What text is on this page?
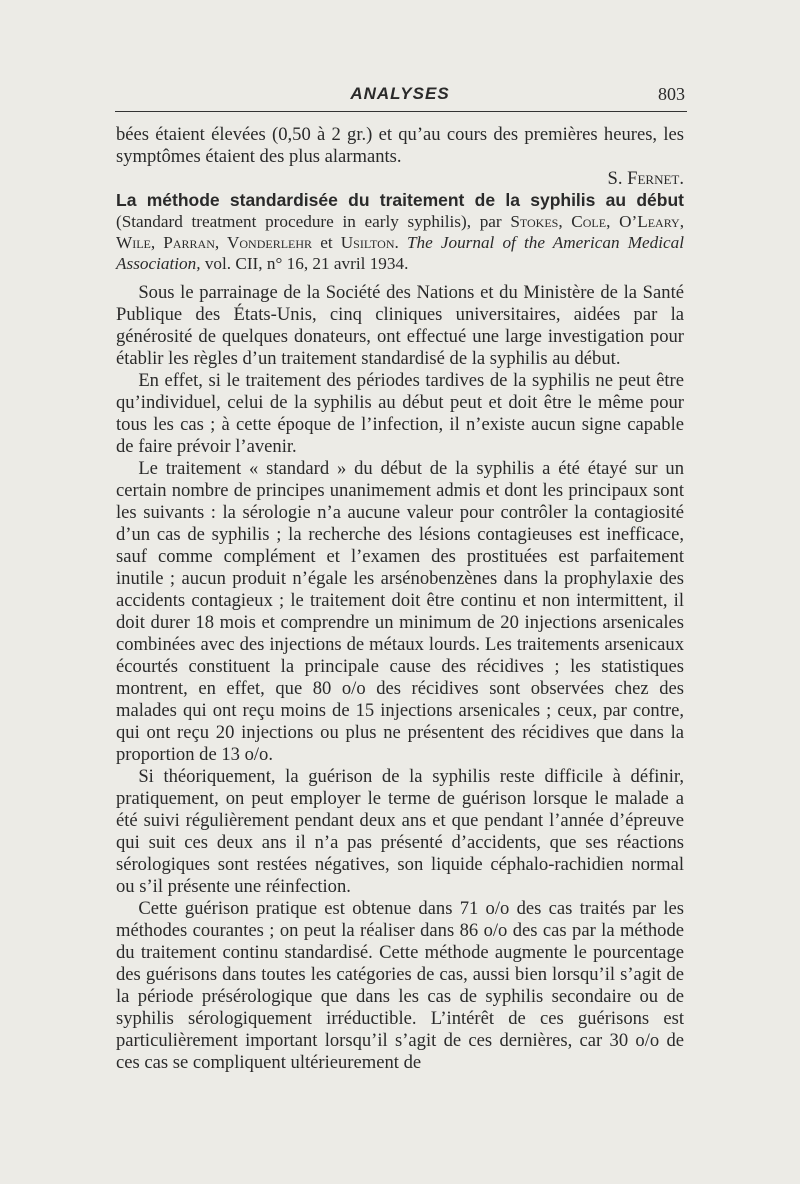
ANALYSES	803

bées étaient élevées (0,50 à 2 gr.) et qu’au cours des premières heures, les symptômes étaient des plus alarmants.

S. Fernet.

La méthode standardisée du traitement de la syphilis au début (Standard treatment procedure in early syphilis), par Stokes, Cole, O’Leary, Wile, Parran, Vonderlehr et Usilton. The Journal of the American Medical Association, vol. CII, n° 16, 21 avril 1934.

Sous le parrainage de la Société des Nations et du Ministère de la Santé Publique des États-Unis, cinq cliniques universitaires, aidées par la générosité de quelques donateurs, ont effectué une large investigation pour établir les règles d’un traitement standardisé de la syphilis au début.

En effet, si le traitement des périodes tardives de la syphilis ne peut être qu’individuel, celui de la syphilis au début peut et doit être le même pour tous les cas ; à cette époque de l’infection, il n’existe aucun signe capable de faire prévoir l’avenir.

Le traitement « standard » du début de la syphilis a été étayé sur un certain nombre de principes unanimement admis et dont les principaux sont les suivants : la sérologie n’a aucune valeur pour contrôler la contagiosité d’un cas de syphilis ; la recherche des lésions contagieuses est inefficace, sauf comme complément et l’examen des prostituées est parfaitement inutile ; aucun produit n’égale les arsénobenzènes dans la prophylaxie des accidents contagieux ; le traitement doit être continu et non intermittent, il doit durer 18 mois et comprendre un minimum de 20 injections arsenicales combinées avec des injections de métaux lourds. Les traitements arsenicaux écourtés constituent la principale cause des récidives ; les statistiques montrent, en effet, que 80 o/o des récidives sont observées chez des malades qui ont reçu moins de 15 injections arsenicales ; ceux, par contre, qui ont reçu 20 injections ou plus ne présentent des récidives que dans la proportion de 13 o/o.

Si théoriquement, la guérison de la syphilis reste difficile à définir, pratiquement, on peut employer le terme de guérison lorsque le malade a été suivi régulièrement pendant deux ans et que pendant l’année d’épreuve qui suit ces deux ans il n’a pas présenté d’accidents, que ses réactions sérologiques sont restées négatives, son liquide céphalo-rachidien normal ou s’il présente une réinfection.

Cette guérison pratique est obtenue dans 71 o/o des cas traités par les méthodes courantes ; on peut la réaliser dans 86 o/o des cas par la méthode du traitement continu standardisé. Cette méthode augmente le pourcentage des guérisons dans toutes les catégories de cas, aussi bien lorsqu’il s’agit de la période présérologique que dans les cas de syphilis secondaire ou de syphilis sérologiquement irréductible. L’intérêt de ces guérisons est particulièrement important lorsqu’il s’agit de ces dernières, car 30 o/o de ces cas se compliquent ultérieurement de
